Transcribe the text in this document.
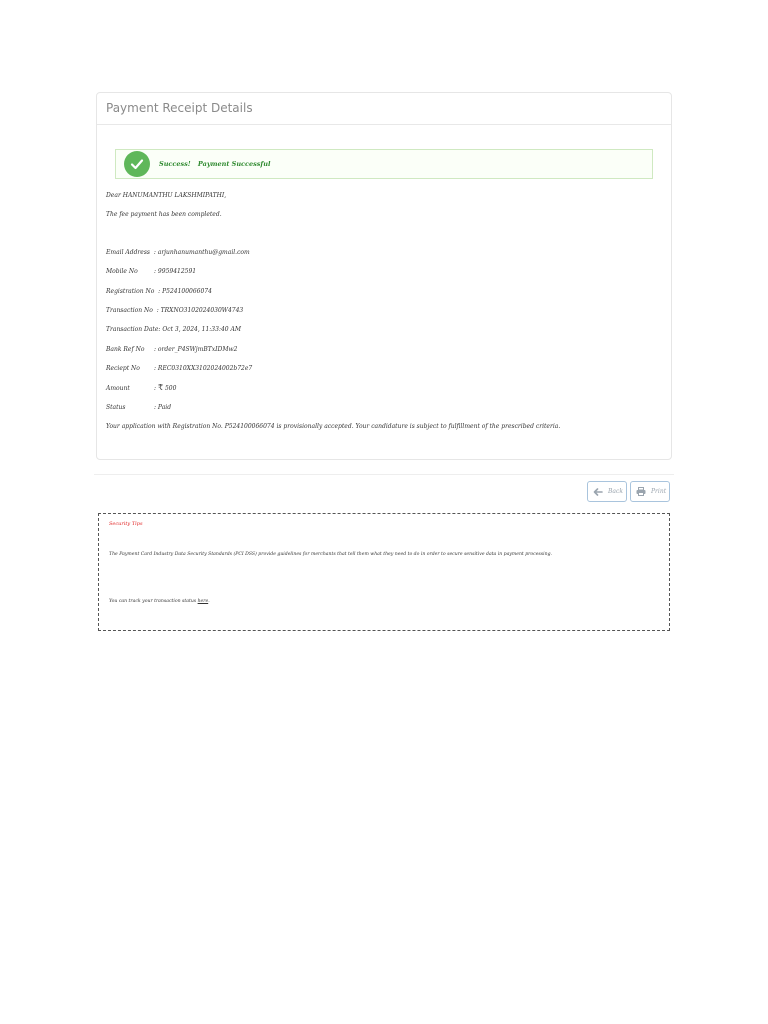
Payment Receipt Details
Success! Payment Successful
Dear HANUMANTHU LAKSHMIPATHI,
The fee payment has been completed.
Email Address : arjunhanumanthu@gmail.com
Mobile No	: 9959412591
Registration No : P524100066074
Transaction No : TRXNO3102024030W4743
Transaction Date: Oct 3, 2024, 11:33:40 AM
Bank Ref No : order_P4SWjmBTxIDMw2
Reciept No : REC0310XX3102024002b72e7
Amount	: ₹ 500
Status	: Paid
Your application with Registration No. P524100066074 is provisionally accepted. Your candidature is subject to fulfillment of the prescribed criteria.
Back	Print
Security Tips
The Payment Card Industry Data Security Standards (PCI DSS) provide guidelines for merchants that tell them what they need to do in order to secure sensitive data in payment processing.
You can track your transaction status here.
